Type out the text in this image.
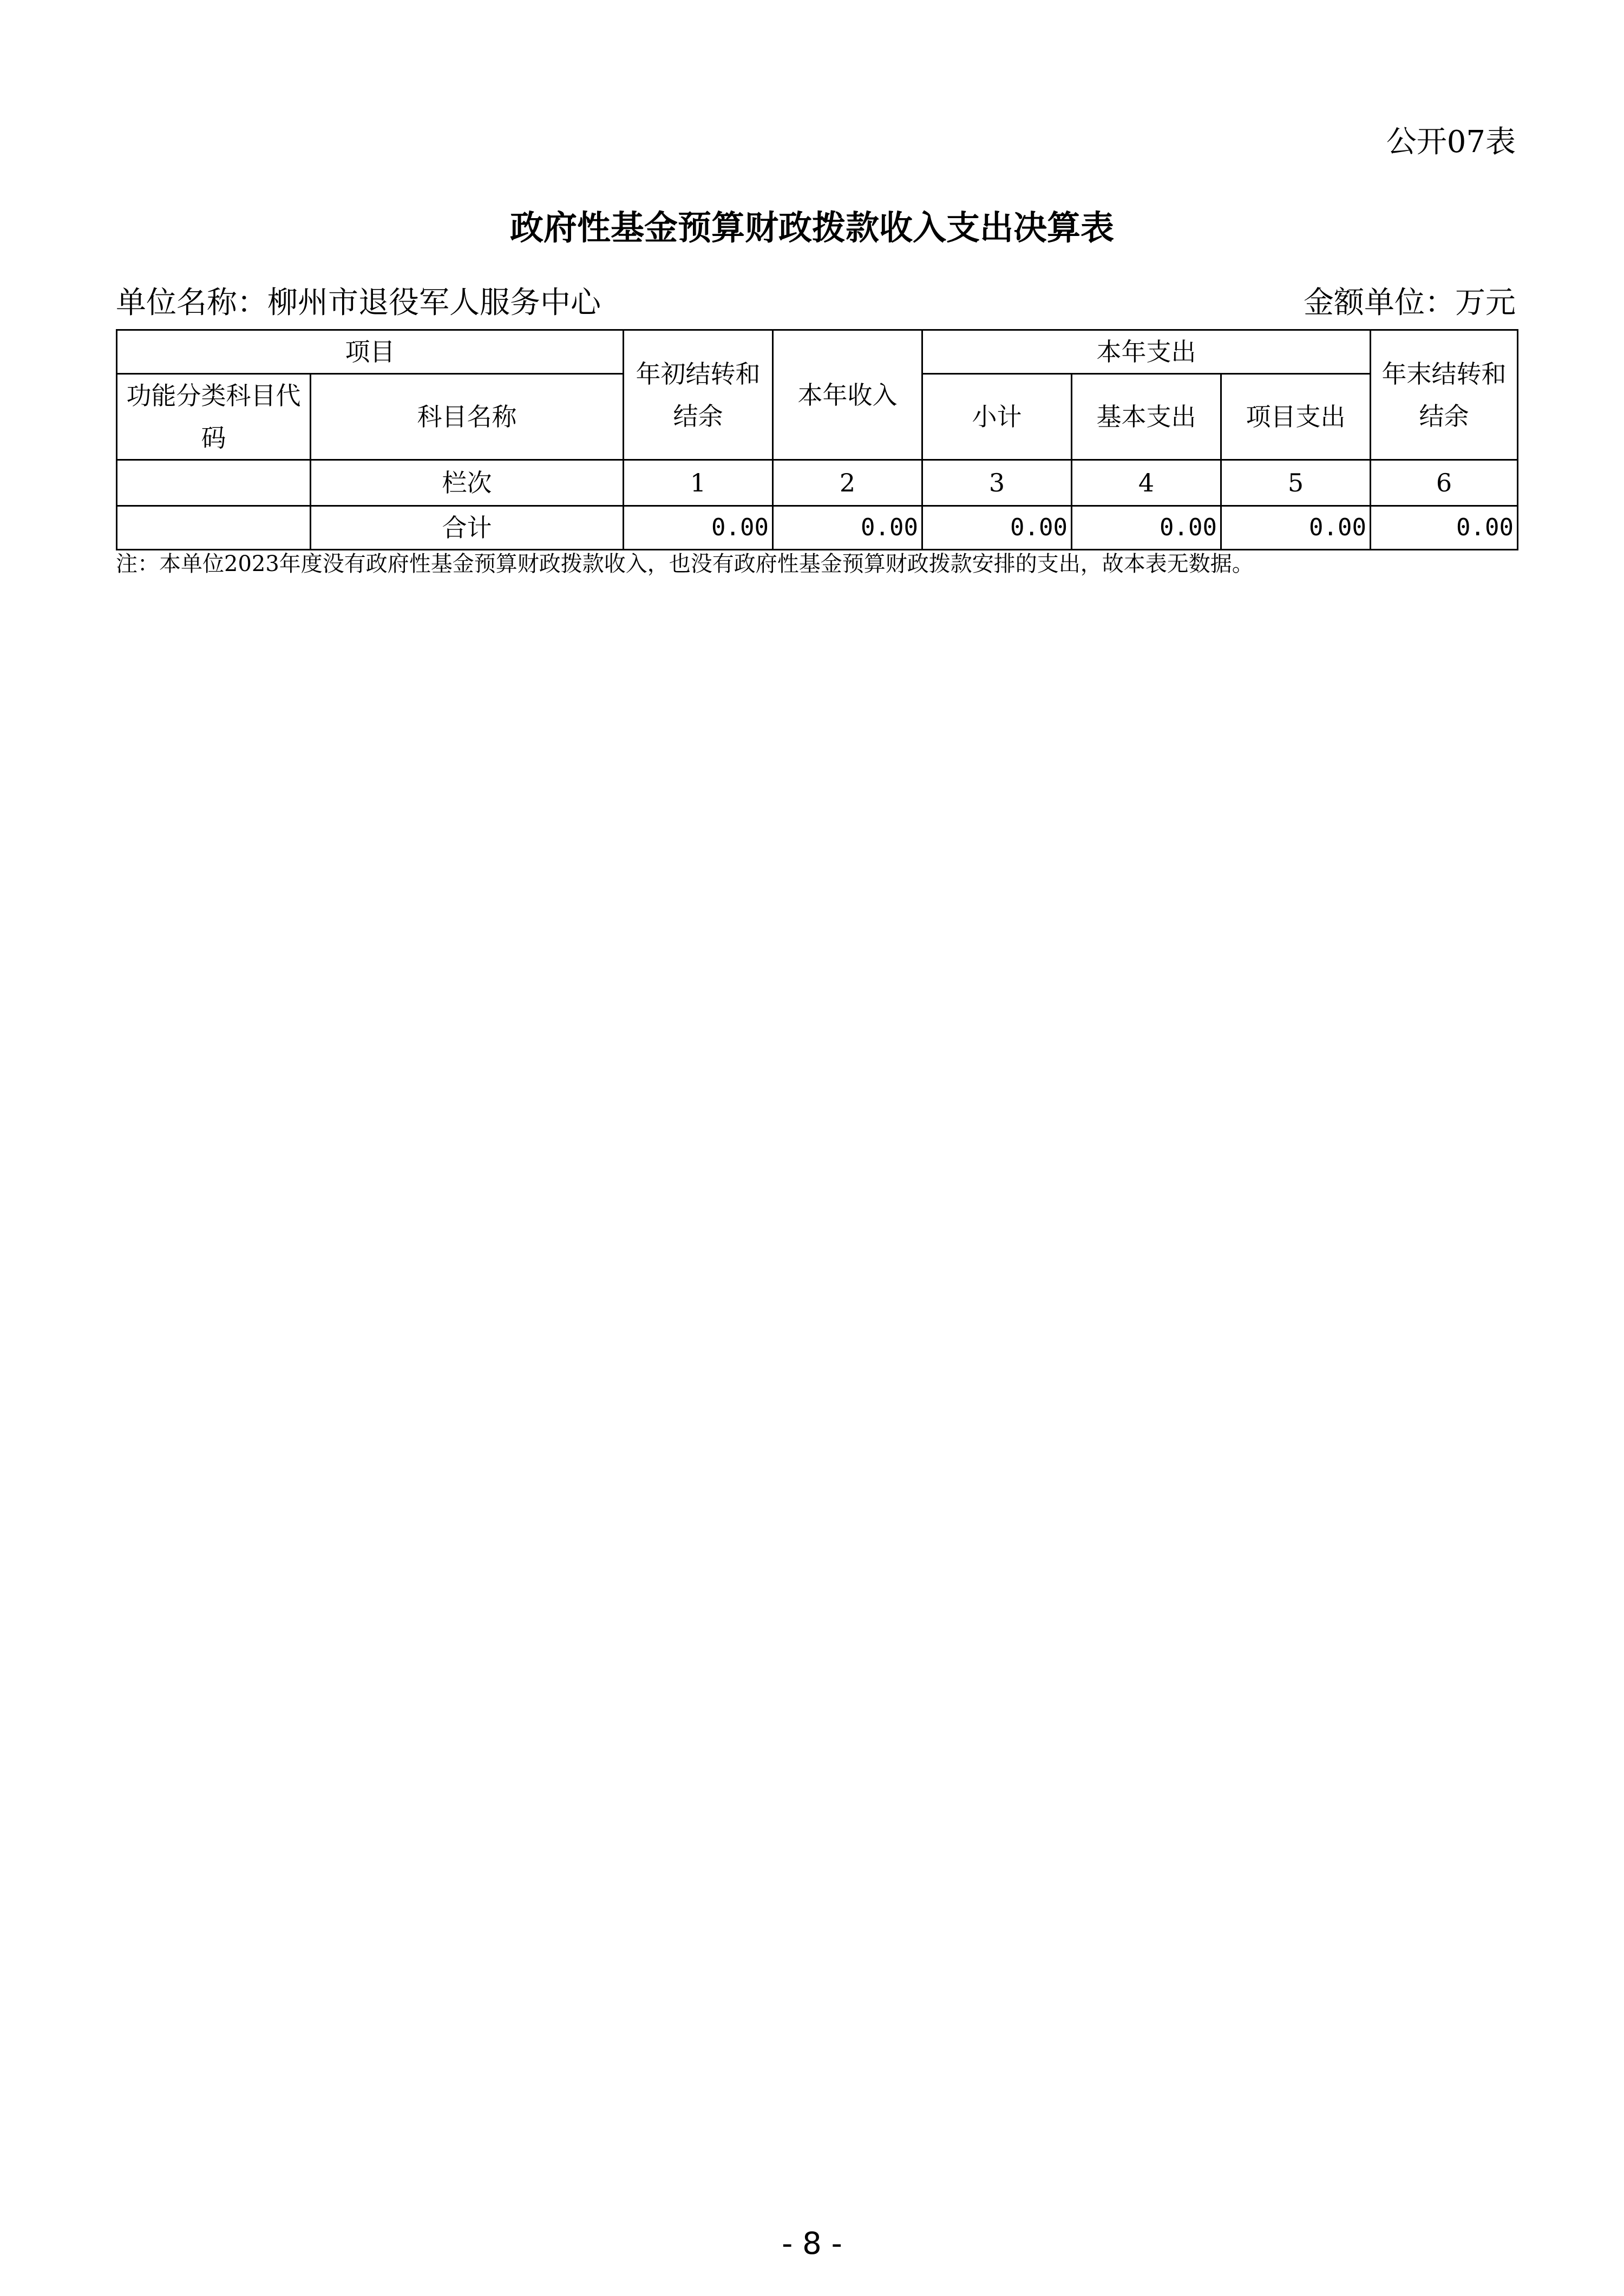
公开07表
政府性基金预算财政拨款收入支出决算表
单位名称：柳州市退役军人服务中心	金额单位：万元
项目		年初结转和结余	本年收入	本年支出			年末结转和结余
功能分类科目代码	科目名称			小计	基本支出	项目支出	
	栏次	1	2	3	4	5	6
	合计	0.00	0.00	0.00	0.00	0.00	0.00
注：本单位2023年度没有政府性基金预算财政拨款收入，也没有政府性基金预算财政拨款安排的支出，故本表无数据。
- 8 -
